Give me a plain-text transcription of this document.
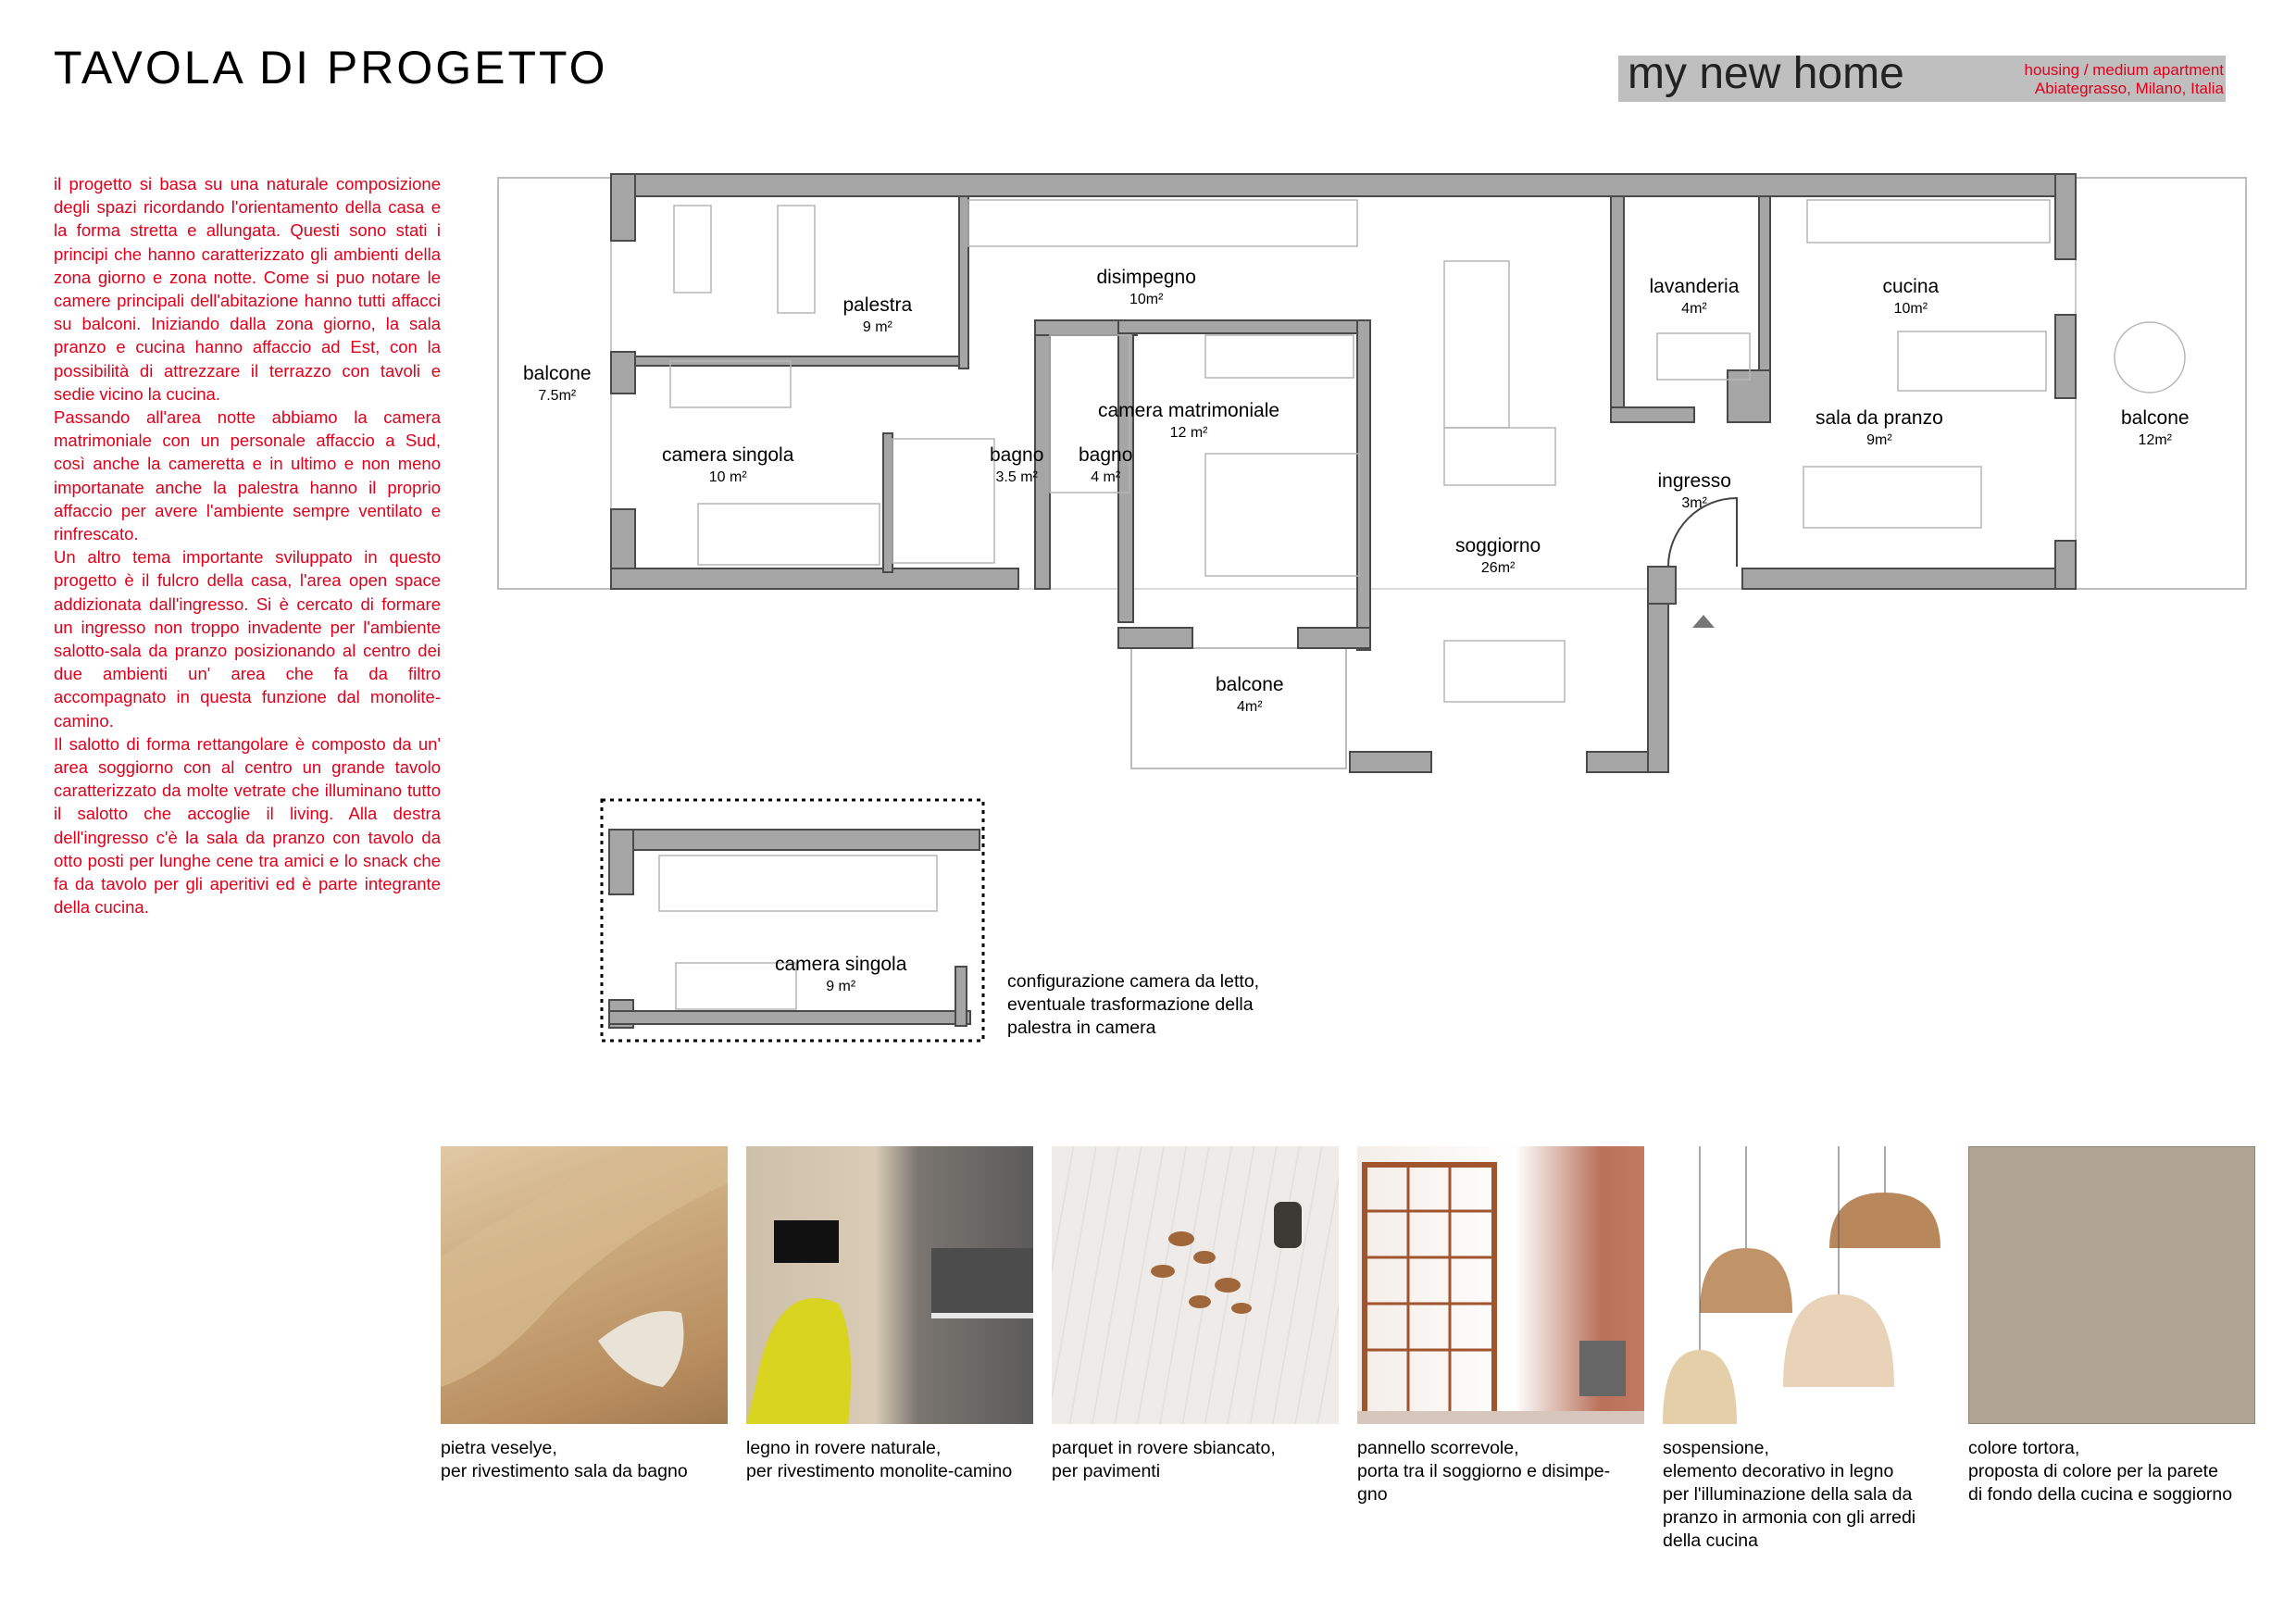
TAVOLA DI PROGETTO	my new home	housing / medium apartment
Abiategrasso, Milano, Italia

il progetto si basa su una naturale composizione degli spazi ricordando l'orientamento della casa e la forma stretta e allungata. Questi sono stati i principi che hanno caratterizzato gli ambienti della zona giorno e zona notte. Come si puo notare le camere principali dell'abitazione hanno tutti affacci su balconi. Iniziando dalla zona giorno, la sala pranzo e cucina hanno affaccio ad Est, con la possibilità di attrezzare il terrazzo con tavoli e sedie vicino la cucina.

Passando all'area notte abbiamo la camera matrimoniale con un personale affaccio a Sud, così anche la cameretta e in ultimo e non meno importanate anche la palestra hanno il proprio affaccio per avere l'ambiente sempre ventilato e rinfrescato.

Un altro tema importante sviluppato in questo progetto è il fulcro della casa, l'area open space addizionata dall'ingresso. Si è cercato di formare un ingresso non troppo invadente per l'ambiente salotto-sala da pranzo posizionando al centro dei due ambienti un' area che fa da filtro accompagnato in questa funzione dal monolite-camino.

Il salotto di forma rettangolare è composto da un' area soggiorno con al centro un grande tavolo caratterizzato da molte vetrate che illuminano tutto il salotto che accoglie il living. Alla destra dell'ingresso c'è la sala da pranzo con tavolo da otto posti per lunghe cene tra amici e lo snack che fa da tavolo per gli aperitivi ed è parte integrante della cucina.

palestra
9 m²
disimpegno
10m²
lavanderia
4m²
cucina
10m²
balcone
7.5m²
camera matrimoniale
12 m²
sala da pranzo
9m²
balcone
12m²
camera singola
10 m²
bagno
3.5 m²
bagno
4 m²	ingresso
3m²
soggiorno
26m²
balcone
4m²
camera singola
9 m²	configurazione camera da letto,
eventuale trasformazione della
palestra in camera
pietra veselye,
per rivestimento sala da bagno
legno in rovere naturale,
per rivestimento monolite-camino
parquet in rovere sbiancato,
per pavimenti
pannello scorrevole,
porta tra il soggiorno e disimpe-
gno
sospensione,
elemento decorativo in legno
per l'illuminazione della sala da
pranzo in armonia con gli arredi
della cucina
colore tortora,
proposta di colore per la parete
di fondo della cucina e soggiorno
